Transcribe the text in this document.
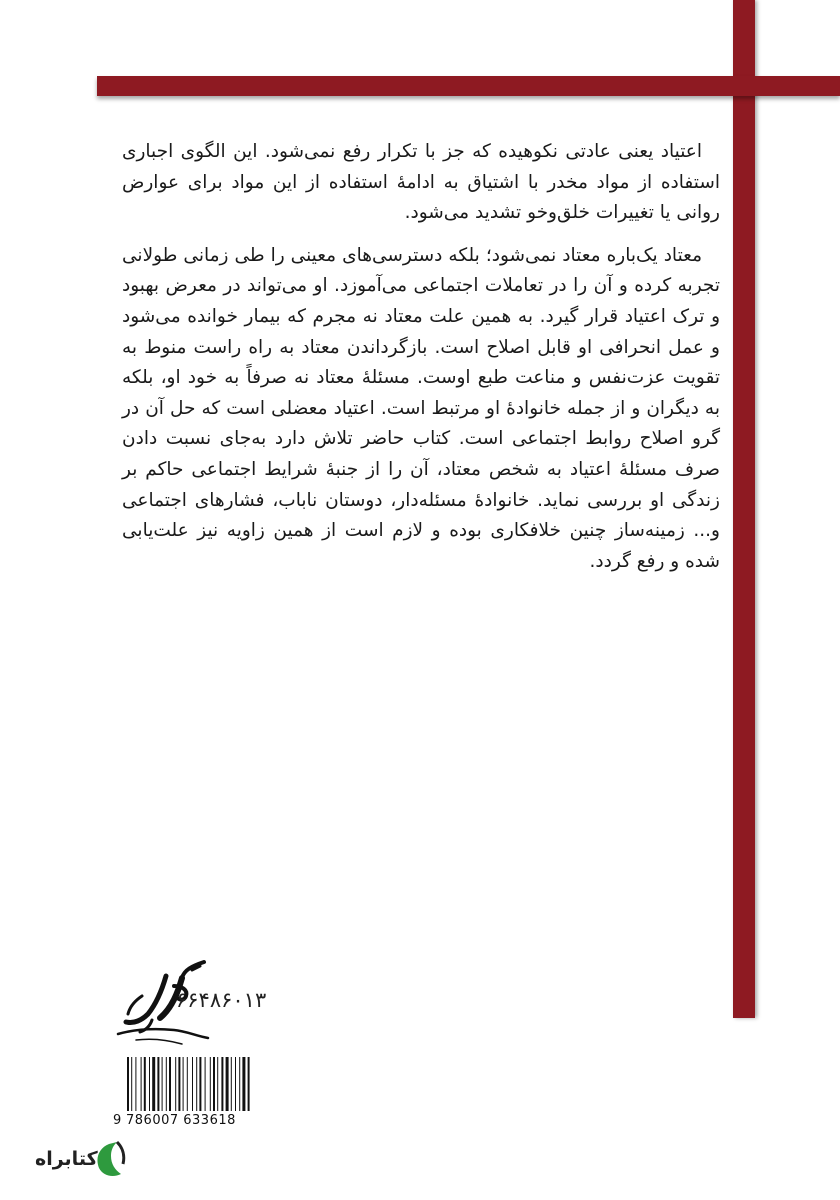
اعتیاد یعنی عادتی نکوهیده که جز با تکرار رفع نمی‌شود. این الگوی اجباری استفاده از مواد مخدر با اشتیاق به ادامهٔ استفاده از این مواد برای عوارض روانی یا تغییرات خلق‌وخو تشدید می‌شود.

معتاد یک‌باره معتاد نمی‌شود؛ بلکه دسترسی‌های معینی را طی زمانی طولانی تجربه کرده و آن را در تعاملات اجتماعی می‌آموزد. او می‌تواند در معرض بهبود و ترک اعتیاد قرار گیرد. به همین علت معتاد نه مجرم که بیمار خوانده می‌شود و عمل انحرافی او قابل اصلاح است. بازگرداندن معتاد به راه راست منوط به تقویت عزت‌نفس و مناعت طبع اوست. مسئلهٔ معتاد نه صرفاً به خود او، بلکه به دیگران و از جمله خانوادهٔ او مرتبط است. اعتیاد معضلی است که حل آن در گرو اصلاح روابط اجتماعی است. کتاب حاضر تلاش دارد به‌جای نسبت دادن صرف مسئلهٔ اعتیاد به شخص معتاد، آن را از جنبهٔ شرایط اجتماعی حاکم بر زندگی او بررسی نماید. خانوادهٔ مسئله‌دار، دوستان ناباب، فشارهای اجتماعی و... زمینه‌ساز چنین خلافکاری بوده و لازم است از همین زاویه نیز علت‌یابی شده و رفع گردد.

۶۶۴۸۶۰۱۳
9 786007 633618
کتابراه
